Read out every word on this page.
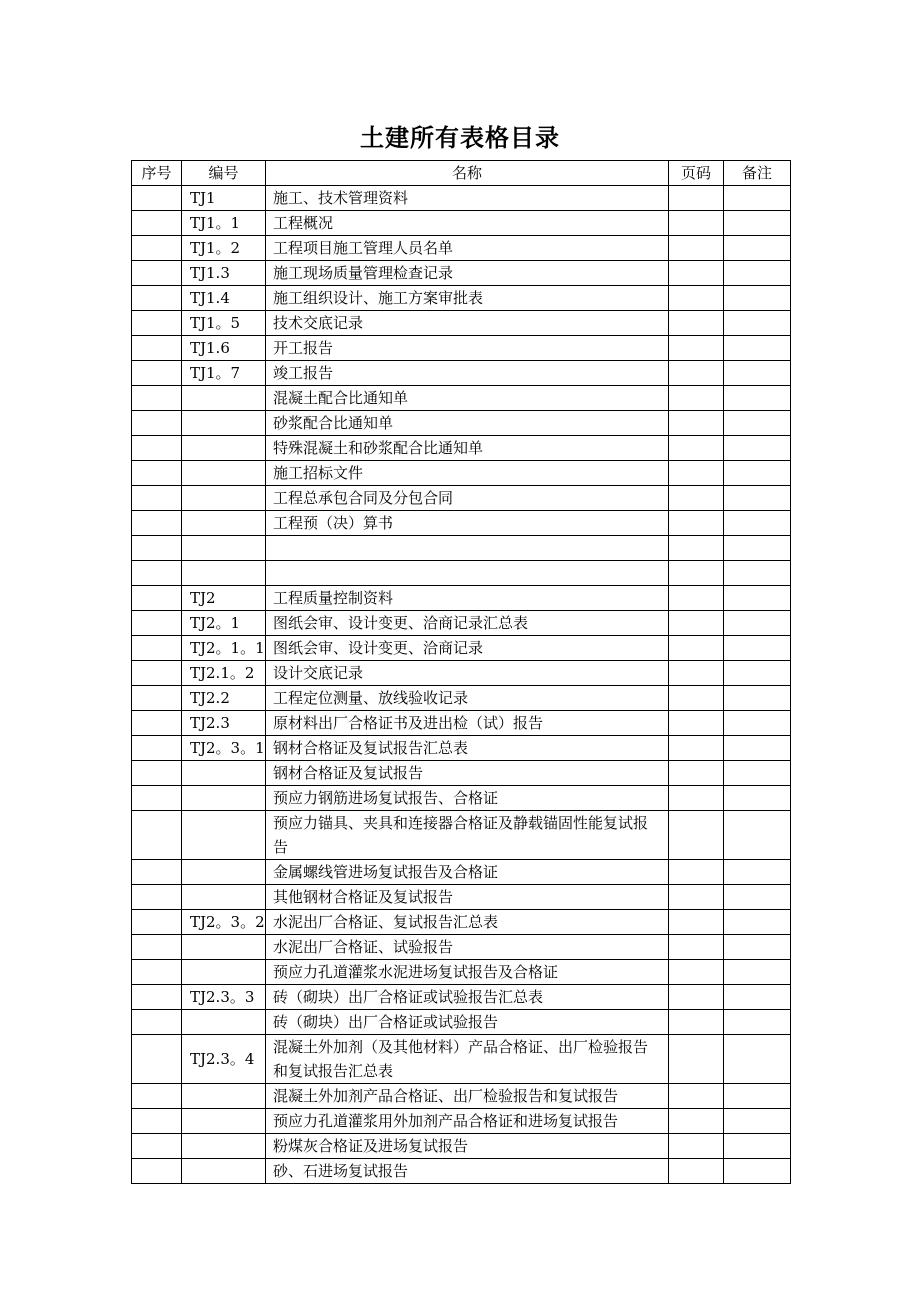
土建所有表格目录
序号	编号	名称	页码	备注
	TJ1	施工、技术管理资料		
	TJ1。1	工程概况		
	TJ1。2	工程项目施工管理人员名单		
	TJ1.3	施工现场质量管理检查记录		
	TJ1.4	施工组织设计、施工方案审批表		
	TJ1。5	技术交底记录		
	TJ1.6	开工报告		
	TJ1。7	竣工报告		
		混凝土配合比通知单		
		砂浆配合比通知单		
		特殊混凝土和砂浆配合比通知单		
		施工招标文件		
		工程总承包合同及分包合同		
		工程预（决）算书		

	TJ2	工程质量控制资料		
	TJ2。1	图纸会审、设计变更、洽商记录汇总表		
	TJ2。1。1	图纸会审、设计变更、洽商记录		
	TJ2.1。2	设计交底记录		
	TJ2.2	工程定位测量、放线验收记录		
	TJ2.3	原材料出厂合格证书及进出检（试）报告		
	TJ2。3。1	钢材合格证及复试报告汇总表		
		钢材合格证及复试报告		
		预应力钢筋进场复试报告、合格证		
		预应力锚具、夹具和连接器合格证及静载锚固性能复试报告		
		金属螺线管进场复试报告及合格证		
		其他钢材合格证及复试报告		
	TJ2。3。2	水泥出厂合格证、复试报告汇总表		
		水泥出厂合格证、试验报告		
		预应力孔道灌浆水泥进场复试报告及合格证		
	TJ2.3。3	砖（砌块）出厂合格证或试验报告汇总表		
		砖（砌块）出厂合格证或试验报告		
	TJ2.3。4	混凝土外加剂（及其他材料）产品合格证、出厂检验报告和复试报告汇总表		
		混凝土外加剂产品合格证、出厂检验报告和复试报告		
		预应力孔道灌浆用外加剂产品合格证和进场复试报告		
		粉煤灰合格证及进场复试报告		
		砂、石进场复试报告		
